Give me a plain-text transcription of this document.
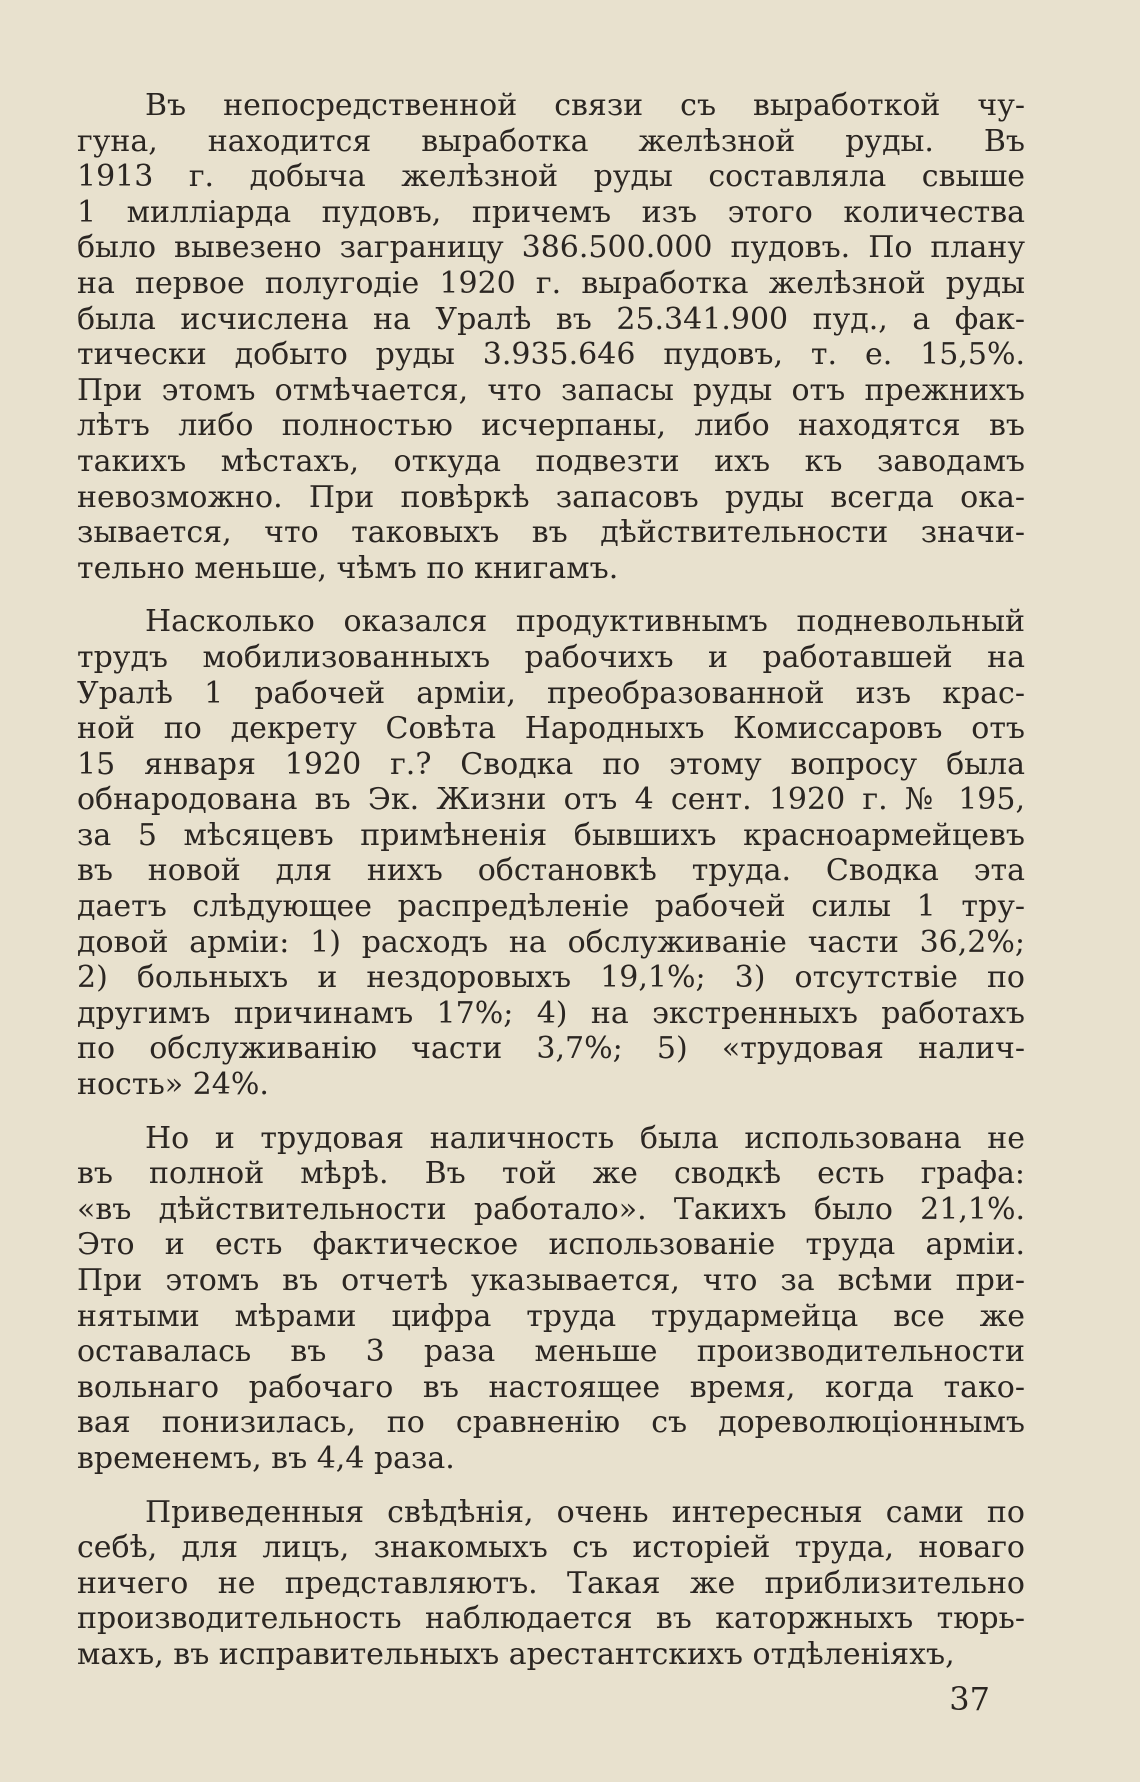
Въ непосредственной связи съ выработкой чу-
гуна, находится выработка желѣзной руды. Въ
1913 г. добыча желѣзной руды составляла свыше
1 милліарда пудовъ, причемъ изъ этого количества
было вывезено заграницу 386.500.000 пудовъ. По плану
на первое полугодіе 1920 г. выработка желѣзной руды
была исчислена на Уралѣ въ 25.341.900 пуд., а фак-
тически добыто руды 3.935.646 пудовъ, т. е. 15,5%.
При этомъ отмѣчается, что запасы руды отъ прежнихъ
лѣтъ либо полностью исчерпаны, либо находятся въ
такихъ мѣстахъ, откуда подвезти ихъ къ заводамъ
невозможно. При повѣркѣ запасовъ руды всегда ока-
зывается, что таковыхъ въ дѣйствительности значи-
тельно меньше, чѣмъ по книгамъ.
Насколько оказался продуктивнымъ подневольный
трудъ мобилизованныхъ рабочихъ и работавшей на
Уралѣ 1 рабочей арміи, преобразованной изъ крас-
ной по декрету Совѣта Народныхъ Комиссаровъ отъ
15 января 1920 г.? Сводка по этому вопросу была
обнародована въ Эк. Жизни отъ 4 сент. 1920 г. № 195,
за 5 мѣсяцевъ примѣненія бывшихъ красноармейцевъ
въ новой для нихъ обстановкѣ труда. Сводка эта
даетъ слѣдующее распредѣленіе рабочей силы 1 тру-
довой арміи: 1) расходъ на обслуживаніе части 36,2%;
2) больныхъ и нездоровыхъ 19,1%; 3) отсутствіе по
другимъ причинамъ 17%; 4) на экстренныхъ работахъ
по обслуживанію части 3,7%; 5) «трудовая налич-
ность» 24%.
Но и трудовая наличность была использована не
въ полной мѣрѣ. Въ той же сводкѣ есть графа:
«въ дѣйствительности работало». Такихъ было 21,1%.
Это и есть фактическое использованіе труда арміи.
При этомъ въ отчетѣ указывается, что за всѣми при-
нятыми мѣрами цифра труда трудармейца все же
оставалась въ 3 раза меньше производительности
вольнаго рабочаго въ настоящее время, когда тако-
вая понизилась, по сравненію съ дореволюціоннымъ
временемъ, въ 4,4 раза.
Приведенныя свѣдѣнія, очень интересныя сами по
себѣ, для лицъ, знакомыхъ съ исторіей труда, новаго
ничего не представляютъ. Такая же приблизительно
производительность наблюдается въ каторжныхъ тюрь-
махъ, въ исправительныхъ арестантскихъ отдѣленіяхъ,
37
